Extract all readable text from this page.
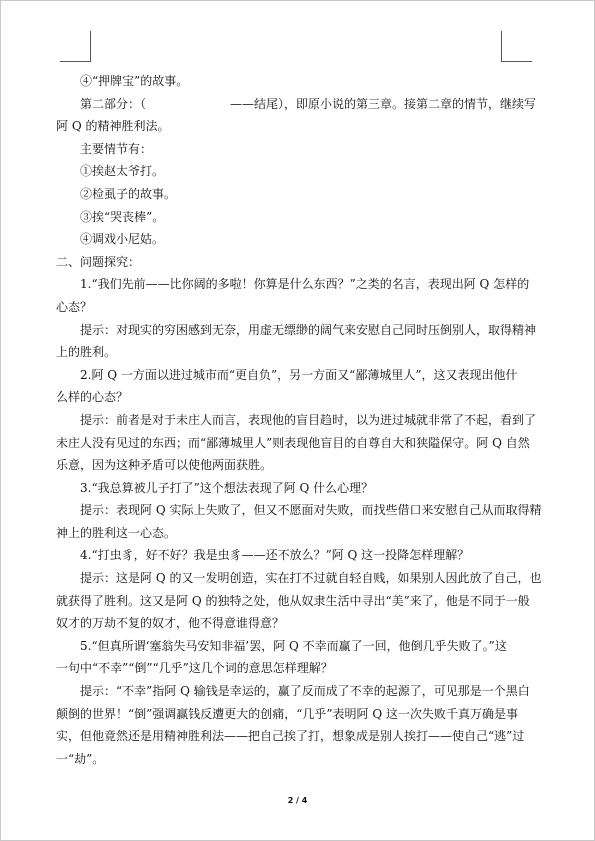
④“押牌宝”的故事。

第二部分：（　　　　　　　——结尾），即原小说的第三章。接第二章的情节，继续写

阿 Q 的精神胜利法。

主要情节有：

①挨赵太爷打。

②检虱子的故事。

③挨“哭丧棒”。

④调戏小尼姑。

二、问题探究：

1.“我们先前——比你阔的多啦！你算是什么东西？”之类的名言，表现出阿 Q 怎样的

心态？

提示：对现实的穷困感到无奈，用虚无缥缈的阔气来安慰自己同时压倒别人，取得精神

上的胜利。

2.阿 Q 一方面以进过城市而“更自负”，另一方面又“鄙薄城里人”，这又表现出他什

么样的心态？

提示：前者是对于未庄人而言，表现他的盲目趋时，以为进过城就非常了不起，看到了

未庄人没有见过的东西；而“鄙薄城里人”则表现他盲目的自尊自大和狭隘保守。阿 Q 自然

乐意，因为这种矛盾可以使他两面获胜。

3.“我总算被儿子打了”这个想法表现了阿 Q 什么心理？

提示：表现阿 Q 实际上失败了，但又不愿面对失败，而找些借口来安慰自己从而取得精

神上的胜利这一心态。

4.“打虫豸，好不好？我是虫豸——还不放么？”阿 Q 这一投降怎样理解？

提示：这是阿 Q 的又一发明创造，实在打不过就自轻自贱，如果别人因此放了自己，也

就获得了胜利。这又是阿 Q 的独特之处，他从奴隶生活中寻出“美”来了，他是不同于一般

奴才的万劫不复的奴才，他不得意谁得意？

5.“但真所谓‘塞翁失马安知非福’罢，阿 Q 不幸而赢了一回，他倒几乎失败了。”这

一句中“不幸”“倒”“几乎”这几个词的意思怎样理解？

提示：“不幸”指阿 Q 输钱是幸运的，赢了反而成了不幸的起源了，可见那是一个黑白

颠倒的世界！“倒”强调赢钱反遭更大的创痛，“几乎”表明阿 Q 这一次失败千真万确是事

实，但他竟然还是用精神胜利法——把自己挨了打，想象成是别人挨打——使自己“逃”过

一“劫”。

2 / 4
